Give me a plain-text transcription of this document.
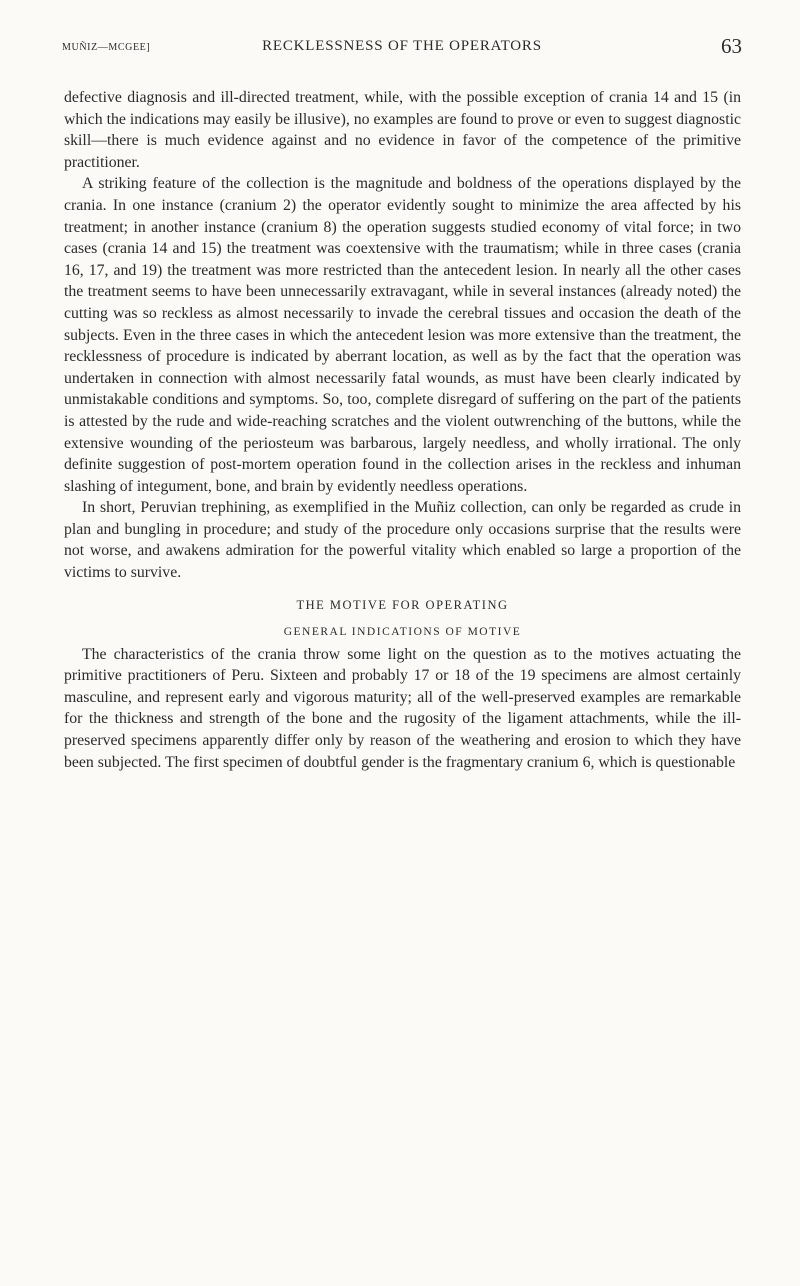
MUÑIZ—MCGEE]	RECKLESSNESS OF THE OPERATORS	63

defective diagnosis and ill-directed treatment, while, with the possible exception of crania 14 and 15 (in which the indications may easily be illusive), no examples are found to prove or even to suggest diagnostic skill—there is much evidence against and no evidence in favor of the competence of the primitive practitioner.

A striking feature of the collection is the magnitude and boldness of the operations displayed by the crania. In one instance (cranium 2) the operator evidently sought to minimize the area affected by his treatment; in another instance (cranium 8) the operation suggests studied economy of vital force; in two cases (crania 14 and 15) the treatment was coextensive with the traumatism; while in three cases (crania 16, 17, and 19) the treatment was more restricted than the antecedent lesion. In nearly all the other cases the treatment seems to have been unnecessarily extravagant, while in several instances (already noted) the cutting was so reckless as almost necessarily to invade the cerebral tissues and occasion the death of the subjects. Even in the three cases in which the antecedent lesion was more extensive than the treatment, the recklessness of procedure is indicated by aberrant location, as well as by the fact that the operation was undertaken in connection with almost necessarily fatal wounds, as must have been clearly indicated by unmistakable conditions and symptoms. So, too, complete disregard of suffering on the part of the patients is attested by the rude and wide-reaching scratches and the violent outwrenching of the buttons, while the extensive wounding of the periosteum was barbarous, largely needless, and wholly irrational. The only definite suggestion of post-mortem operation found in the collection arises in the reckless and inhuman slashing of integument, bone, and brain by evidently needless operations.

In short, Peruvian trephining, as exemplified in the Muñiz collection, can only be regarded as crude in plan and bungling in procedure; and study of the procedure only occasions surprise that the results were not worse, and awakens admiration for the powerful vitality which enabled so large a proportion of the victims to survive.

THE MOTIVE FOR OPERATING

GENERAL INDICATIONS OF MOTIVE

The characteristics of the crania throw some light on the question as to the motives actuating the primitive practitioners of Peru. Sixteen and probably 17 or 18 of the 19 specimens are almost certainly masculine, and represent early and vigorous maturity; all of the well-preserved examples are remarkable for the thickness and strength of the bone and the rugosity of the ligament attachments, while the ill-preserved specimens apparently differ only by reason of the weathering and erosion to which they have been subjected. The first specimen of doubtful gender is the fragmentary cranium 6, which is questionable
